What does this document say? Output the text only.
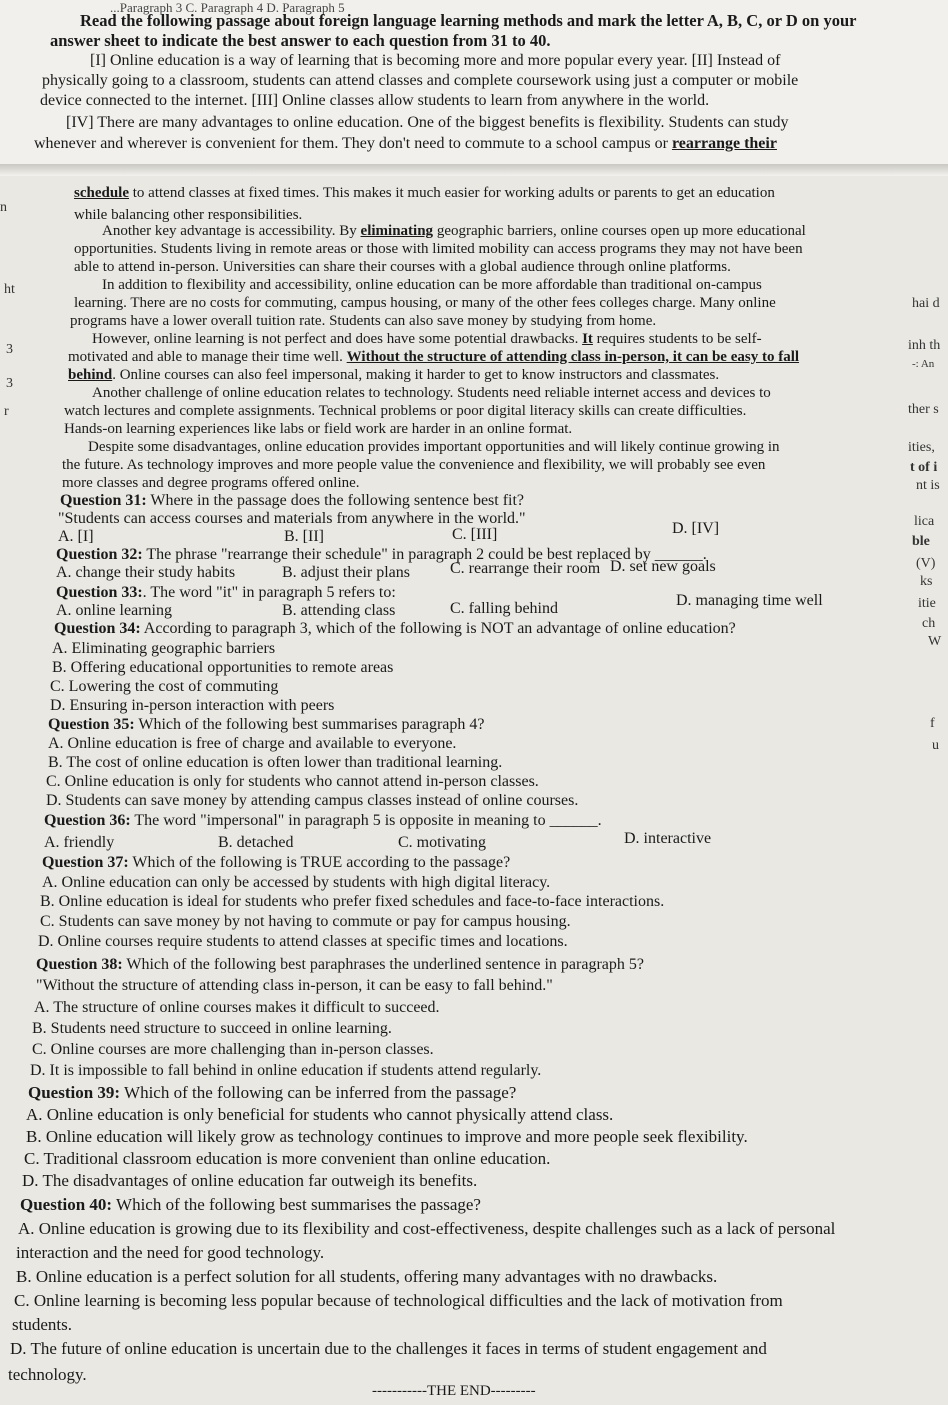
...Paragraph 3 C. Paragraph 4 D. Paragraph 5
Read the following passage about foreign language learning methods and mark the letter A, B, C, or D on your
answer sheet to indicate the best answer to each question from 31 to 40.
[I] Online education is a way of learning that is becoming more and more popular every year. [II] Instead of
physically going to a classroom, students can attend classes and complete coursework using just a computer or mobile
device connected to the internet. [III] Online classes allow students to learn from anywhere in the world.
[IV] There are many advantages to online education. One of the biggest benefits is flexibility. Students can study
whenever and wherever is convenient for them. They don't need to commute to a school campus or rearrange their
schedule to attend classes at fixed times. This makes it much easier for working adults or parents to get an education
while balancing other responsibilities.
Another key advantage is accessibility. By eliminating geographic barriers, online courses open up more educational
opportunities. Students living in remote areas or those with limited mobility can access programs they may not have been
able to attend in-person. Universities can share their courses with a global audience through online platforms.
In addition to flexibility and accessibility, online education can be more affordable than traditional on-campus
learning. There are no costs for commuting, campus housing, or many of the other fees colleges charge. Many online
programs have a lower overall tuition rate. Students can also save money by studying from home.
However, online learning is not perfect and does have some potential drawbacks. It requires students to be self-
motivated and able to manage their time well. Without the structure of attending class in-person, it can be easy to fall
behind. Online courses can also feel impersonal, making it harder to get to know instructors and classmates.
Another challenge of online education relates to technology. Students need reliable internet access and devices to
watch lectures and complete assignments. Technical problems or poor digital literacy skills can create difficulties.
Hands-on learning experiences like labs or field work are harder in an online format.
Despite some disadvantages, online education provides important opportunities and will likely continue growing in
the future. As technology improves and more people value the convenience and flexibility, we will probably see even
more classes and degree programs offered online.
n
ht
3
3
r
hai d
inh th
-: An
ther s
ities,
t of i
nt is
lica
ble
(V)
ks
itie
ch
W
f
u
Question 31: Where in the passage does the following sentence best fit?
"Students can access courses and materials from anywhere in the world."
A. [I]	B. [II]	C. [III]	D. [IV]
Question 32: The phrase "rearrange their schedule" in paragraph 2 could be best replaced by ______.
A. change their study habits	B. adjust their plans	C. rearrange their room D. set new goals
Question 33:. The word "it" in paragraph 5 refers to:
A. online learning	B. attending class	C. falling behind	D. managing time well
Question 34: According to paragraph 3, which of the following is NOT an advantage of online education?
A. Eliminating geographic barriers
B. Offering educational opportunities to remote areas
C. Lowering the cost of commuting
D. Ensuring in-person interaction with peers
Question 35: Which of the following best summarises paragraph 4?
A. Online education is free of charge and available to everyone.
B. The cost of online education is often lower than traditional learning.
C. Online education is only for students who cannot attend in-person classes.
D. Students can save money by attending campus classes instead of online courses.
Question 36: The word "impersonal" in paragraph 5 is opposite in meaning to ______.
A. friendly	B. detached	C. motivating	D. interactive
Question 37: Which of the following is TRUE according to the passage?
A. Online education can only be accessed by students with high digital literacy.
B. Online education is ideal for students who prefer fixed schedules and face-to-face interactions.
C. Students can save money by not having to commute or pay for campus housing.
D. Online courses require students to attend classes at specific times and locations.
Question 38: Which of the following best paraphrases the underlined sentence in paragraph 5?
"Without the structure of attending class in-person, it can be easy to fall behind."
A. The structure of online courses makes it difficult to succeed.
B. Students need structure to succeed in online learning.
C. Online courses are more challenging than in-person classes.
D. It is impossible to fall behind in online education if students attend regularly.
Question 39: Which of the following can be inferred from the passage?
A. Online education is only beneficial for students who cannot physically attend class.
B. Online education will likely grow as technology continues to improve and more people seek flexibility.
C. Traditional classroom education is more convenient than online education.
D. The disadvantages of online education far outweigh its benefits.
Question 40: Which of the following best summarises the passage?
A. Online education is growing due to its flexibility and cost-effectiveness, despite challenges such as a lack of personal
interaction and the need for good technology.
B. Online education is a perfect solution for all students, offering many advantages with no drawbacks.
C. Online learning is becoming less popular because of technological difficulties and the lack of motivation from
students.
D. The future of online education is uncertain due to the challenges it faces in terms of student engagement and
technology.
-----------THE END---------
